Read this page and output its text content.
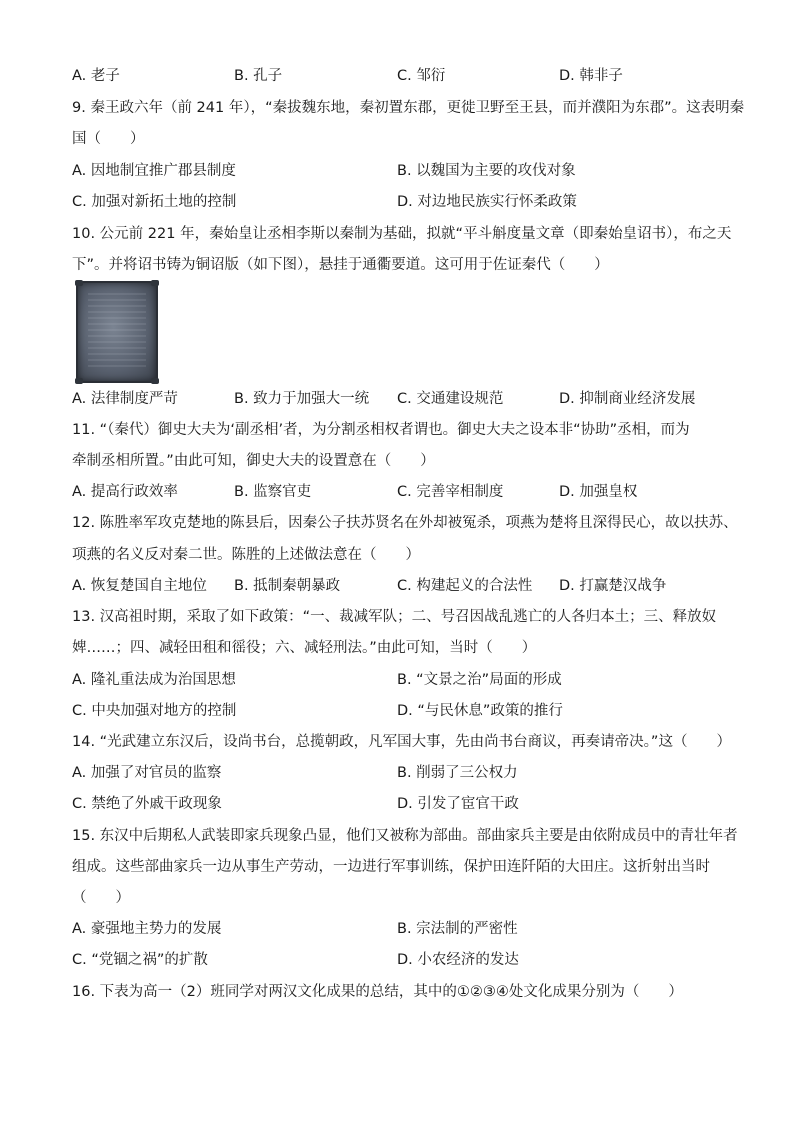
A. 老子	B. 孔子	C. 邹衍	D. 韩非子
9. 秦王政六年（前 241 年），“秦拔魏东地，秦初置东郡，更徙卫野至王县，而并濮阳为东郡”。这表明秦
国（　　）
A. 因地制宜推广郡县制度	B. 以魏国为主要的攻伐对象
C. 加强对新拓土地的控制	D. 对边地民族实行怀柔政策
10. 公元前 221 年，秦始皇让丞相李斯以秦制为基础，拟就“平斗斛度量文章（即秦始皇诏书），布之天
下”。并将诏书铸为铜诏版（如下图），悬挂于通衢要道。这可用于佐证秦代（　　）
A. 法律制度严苛	B. 致力于加强大一统 C. 交通建设规范	D. 抑制商业经济发展
11. “（秦代）御史大夫为‘副丞相’者，为分割丞相权者谓也。御史大夫之设本非“协助”丞相，而为
牵制丞相所置。”由此可知，御史大夫的设置意在（　　）
A. 提高行政效率	B. 监察官吏	C. 完善宰相制度	D. 加强皇权
12. 陈胜率军攻克楚地的陈县后，因秦公子扶苏贤名在外却被冤杀，项燕为楚将且深得民心，故以扶苏、
项燕的名义反对秦二世。陈胜的上述做法意在（　　）
A. 恢复楚国自主地位 B. 抵制秦朝暴政	C. 构建起义的合法性 D. 打赢楚汉战争
13. 汉高祖时期，采取了如下政策：“一、裁减军队；二、号召因战乱逃亡的人各归本土；三、释放奴
婢……；四、减轻田租和徭役；六、减轻刑法。”由此可知，当时（　　）
A. 隆礼重法成为治国思想	B. “文景之治”局面的形成
C. 中央加强对地方的控制	D. “与民休息”政策的推行
14. “光武建立东汉后，设尚书台，总揽朝政，凡军国大事，先由尚书台商议，再奏请帝决。”这（　　）
A. 加强了对官员的监察	B. 削弱了三公权力
C. 禁绝了外戚干政现象	D. 引发了宦官干政
15. 东汉中后期私人武装即家兵现象凸显，他们又被称为部曲。部曲家兵主要是由依附成员中的青壮年者
组成。这些部曲家兵一边从事生产劳动，一边进行军事训练，保护田连阡陌的大田庄。这折射出当时
（　　）
A. 豪强地主势力的发展	B. 宗法制的严密性
C. “党锢之祸”的扩散	D. 小农经济的发达
16. 下表为高一（2）班同学对两汉文化成果的总结，其中的①②③④处文化成果分别为（　　）
